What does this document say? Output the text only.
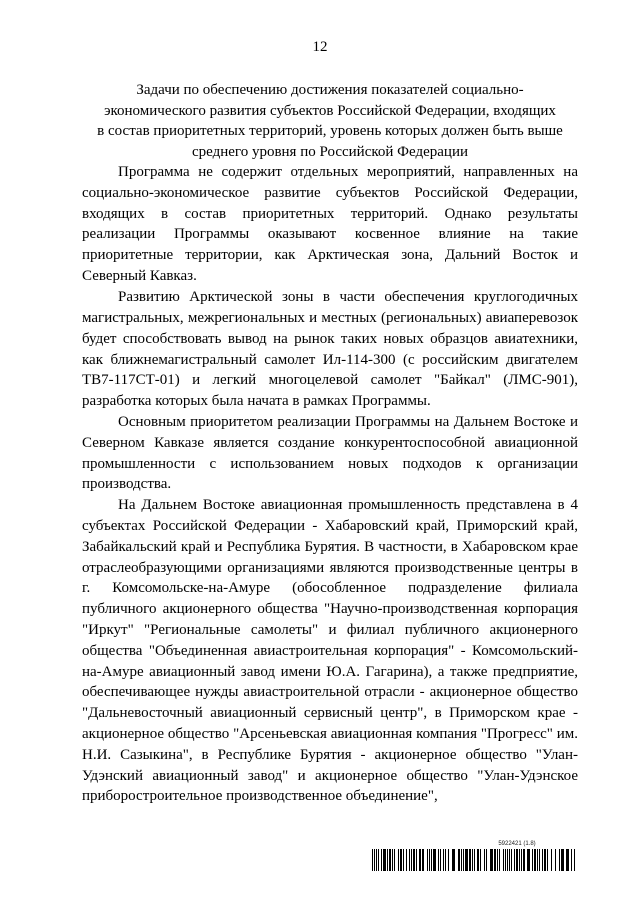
12
Задачи по обеспечению достижения показателей социально-
экономического развития субъектов Российской Федерации, входящих
в состав приоритетных территорий, уровень которых должен быть выше
среднего уровня по Российской Федерации

Программа не содержит отдельных мероприятий, направленных на социально-экономическое развитие субъектов Российской Федерации, входящих в состав приоритетных территорий. Однако результаты реализации Программы оказывают косвенное влияние на такие приоритетные территории, как Арктическая зона, Дальний Восток и Северный Кавказ.

Развитию Арктической зоны в части обеспечения круглогодичных магистральных, межрегиональных и местных (региональных) авиаперевозок будет способствовать вывод на рынок таких новых образцов авиатехники, как ближнемагистральный самолет Ил-114-300 (с российским двигателем ТВ7-117СТ-01) и легкий многоцелевой самолет "Байкал" (ЛМС-901), разработка которых была начата в рамках Программы.

Основным приоритетом реализации Программы на Дальнем Востоке и Северном Кавказе является создание конкурентоспособной авиационной промышленности с использованием новых подходов к организации производства.

На Дальнем Востоке авиационная промышленность представлена в 4 субъектах Российской Федерации - Хабаровский край, Приморский край, Забайкальский край и Республика Бурятия. В частности, в Хабаровском крае отраслеобразующими организациями являются производственные центры в г. Комсомольске-на-Амуре (обособленное подразделение филиала публичного акционерного общества "Научно-производственная корпорация "Иркут" "Региональные самолеты" и филиал публичного акционерного общества "Объединенная авиастроительная корпорация" - Комсомольский-на-Амуре авиационный завод имени Ю.А. Гагарина), а также предприятие, обеспечивающее нужды авиастроительной отрасли - акционерное общество "Дальневосточный авиационный сервисный центр", в Приморском крае - акционерное общество "Арсеньевская авиационная компания "Прогресс" им. Н.И. Сазыкина", в Республике Бурятия - акционерное общество "Улан-Удэнский авиационный завод" и акционерное общество "Улан-Удэнское приборостроительное производственное объединение",

5922421 (1.8)
